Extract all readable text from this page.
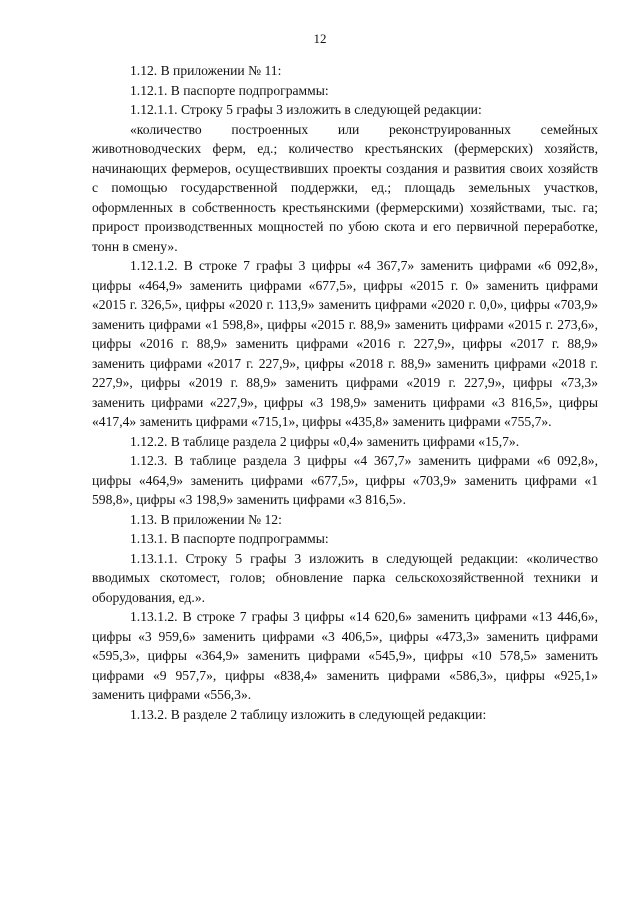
12

1.12. В приложении № 11:

1.12.1. В паспорте подпрограммы:

1.12.1.1. Строку 5 графы 3 изложить в следующей редакции:

«количество построенных или реконструированных семейных животноводческих ферм, ед.; количество крестьянских (фермерских) хозяйств, начинающих фермеров, осуществивших проекты создания и развития своих хозяйств с помощью государственной поддержки, ед.; площадь земельных участков, оформленных в собственность крестьянскими (фермерскими) хозяйствами, тыс. га; прирост производственных мощностей по убою скота и его первичной переработке, тонн в смену».

1.12.1.2. В строке 7 графы 3 цифры «4 367,7» заменить цифрами «6 092,8», цифры «464,9» заменить цифрами «677,5», цифры «2015 г. 0» заменить цифрами «2015 г. 326,5», цифры «2020 г. 113,9» заменить цифрами «2020 г. 0,0», цифры «703,9» заменить цифрами «1 598,8», цифры «2015 г. 88,9» заменить цифрами «2015 г. 273,6», цифры «2016 г. 88,9» заменить цифрами «2016 г. 227,9», цифры «2017 г. 88,9» заменить цифрами «2017 г. 227,9», цифры «2018 г. 88,9» заменить цифрами «2018 г. 227,9», цифры «2019 г. 88,9» заменить цифрами «2019 г. 227,9», цифры «73,3» заменить цифрами «227,9», цифры «3 198,9» заменить цифрами «3 816,5», цифры «417,4» заменить цифрами «715,1», цифры «435,8» заменить цифрами «755,7».

1.12.2. В таблице раздела 2 цифры «0,4» заменить цифрами «15,7».

1.12.3. В таблице раздела 3 цифры «4 367,7» заменить цифрами «6 092,8», цифры «464,9» заменить цифрами «677,5», цифры «703,9» заменить цифрами «1 598,8», цифры «3 198,9» заменить цифрами «3 816,5».

1.13. В приложении № 12:

1.13.1. В паспорте подпрограммы:

1.13.1.1. Строку 5 графы 3 изложить в следующей редакции: «количество вводимых скотомест, голов; обновление парка сельскохозяйственной техники и оборудования, ед.».

1.13.1.2. В строке 7 графы 3 цифры «14 620,6» заменить цифрами «13 446,6», цифры «3 959,6» заменить цифрами «3 406,5», цифры «473,3» заменить цифрами «595,3», цифры «364,9» заменить цифрами «545,9», цифры «10 578,5» заменить цифрами «9 957,7», цифры «838,4» заменить цифрами «586,3», цифры «925,1» заменить цифрами «556,3».

1.13.2. В разделе 2 таблицу изложить в следующей редакции:
